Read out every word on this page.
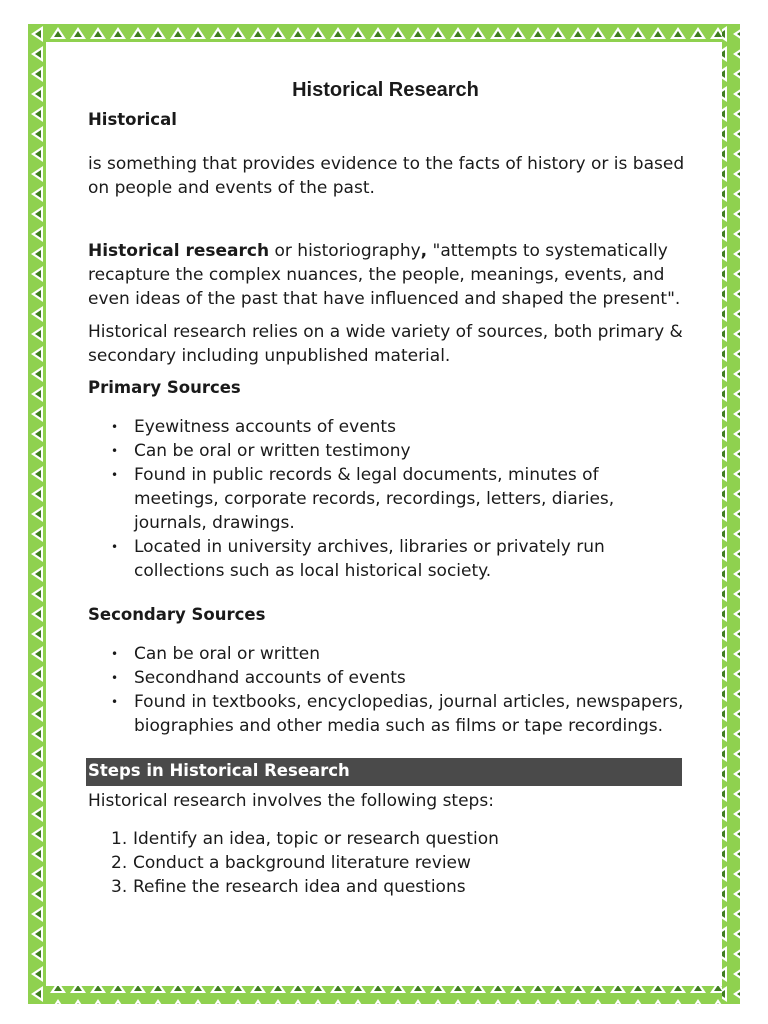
Historical Research

Historical

is something that provides evidence to the facts of history or is based on people and events of the past.

Historical research or historiography, "attempts to systematically recapture the complex nuances, the people, meanings, events, and even ideas of the past that have influenced and shaped the present".

Historical research relies on a wide variety of sources, both primary & secondary including unpublished material.

Primary Sources

• Eyewitness accounts of events
• Can be oral or written testimony
• Found in public records & legal documents, minutes of meetings, corporate records, recordings, letters, diaries, journals, drawings.
• Located in university archives, libraries or privately run collections such as local historical society.

Secondary Sources

• Can be oral or written
• Secondhand accounts of events
• Found in textbooks, encyclopedias, journal articles, newspapers, biographies and other media such as films or tape recordings.
Steps in Historical Research

Historical research involves the following steps:

1. Identify an idea, topic or research question
2. Conduct a background literature review
3. Refine the research idea and questions
